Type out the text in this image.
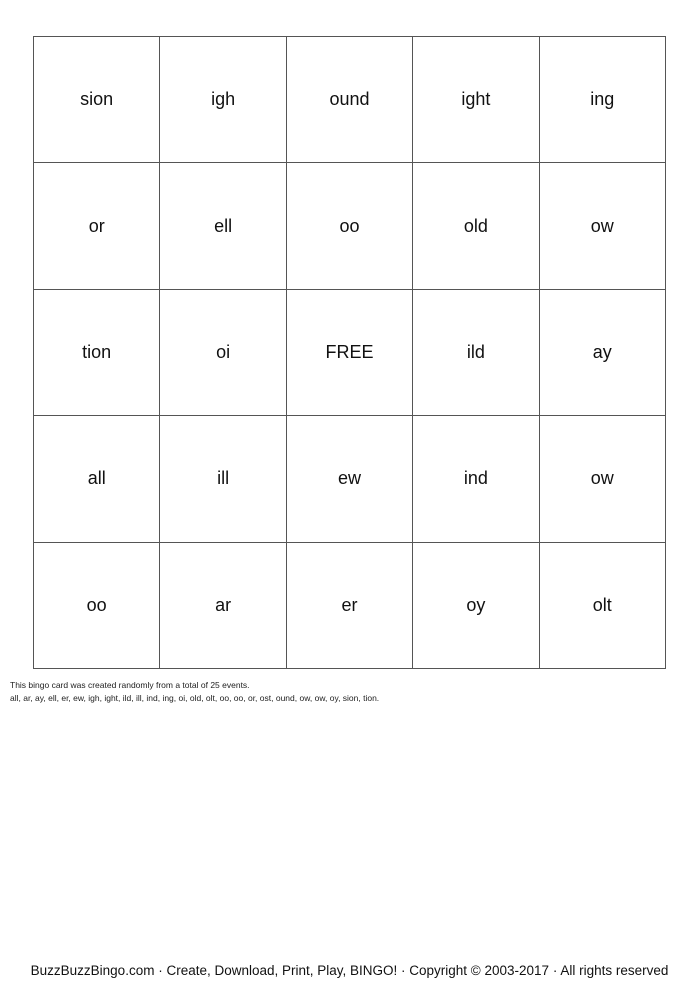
sion	igh	ound	ight	ing
or	ell	oo	old	ow
tion	oi	FREE	ild	ay
all	ill	ew	ind	ow
oo	ar	er	oy	olt
This bingo card was created randomly from a total of 25 events.
all, ar, ay, ell, er, ew, igh, ight, ild, ill, ind, ing, oi, old, olt, oo, oo, or, ost, ound, ow, ow, oy, sion, tion.
BuzzBuzzBingo.com · Create, Download, Print, Play, BINGO! · Copyright © 2003-2017 · All rights reserved
